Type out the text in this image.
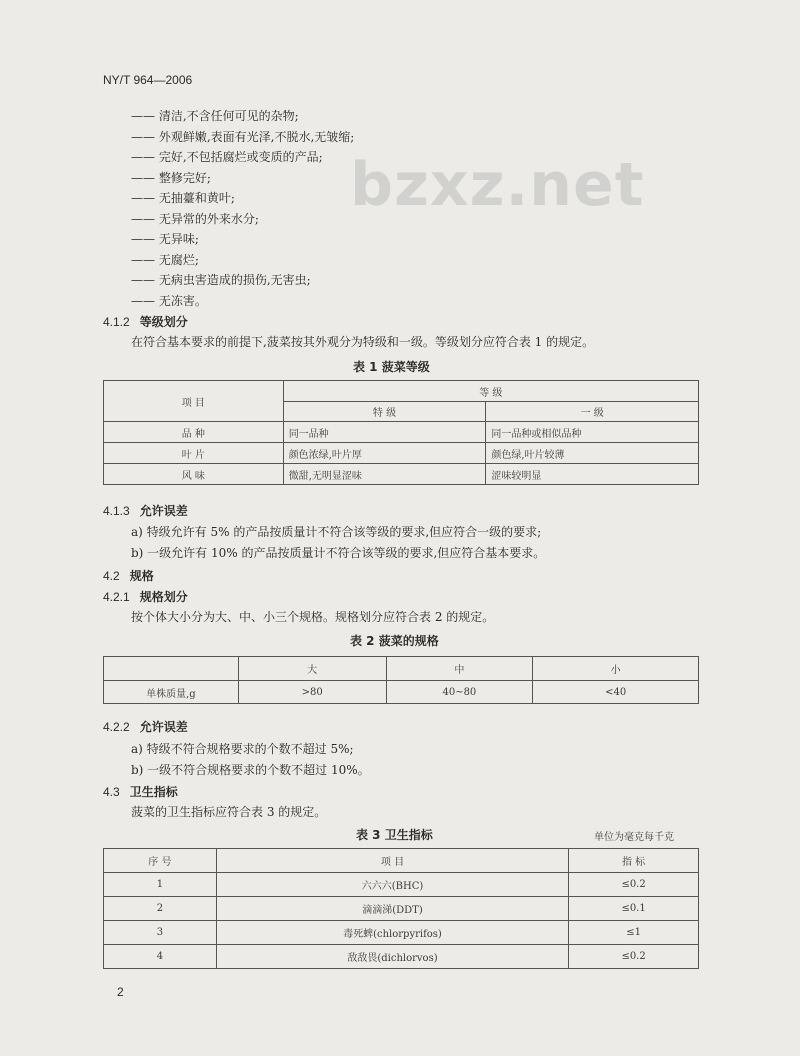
NY/T 964—2006
bzxz.net
—— 清洁,不含任何可见的杂物;
—— 外观鲜嫩,表面有光泽,不脱水,无皱缩;
—— 完好,不包括腐烂或变质的产品;
—— 整修完好;
—— 无抽薹和黄叶;
—— 无异常的外来水分;
—— 无异味;
—— 无腐烂;
—— 无病虫害造成的损伤,无害虫;
—— 无冻害。
4.1.2 等级划分
在符合基本要求的前提下,菠菜按其外观分为特级和一级。等级划分应符合表 1 的规定。
表 1 菠菜等级
项 目	等 级	
	特 级	一 级
品 种	同一品种	同一品种或相似品种
叶 片	颜色浓绿,叶片厚	颜色绿,叶片较薄
风 味	微甜,无明显涩味	涩味较明显
4.1.3 允许误差
a) 特级允许有 5% 的产品按质量计不符合该等级的要求,但应符合一级的要求;
b) 一级允许有 10% 的产品按质量计不符合该等级的要求,但应符合基本要求。
4.2 规格
4.2.1 规格划分
按个体大小分为大、中、小三个规格。规格划分应符合表 2 的规定。
表 2 菠菜的规格
	大	中	小
单株质量,g	>80	40~80	<40
4.2.2 允许误差
a) 特级不符合规格要求的个数不超过 5%;
b) 一级不符合规格要求的个数不超过 10%。
4.3 卫生指标
菠菜的卫生指标应符合表 3 的规定。
表 3 卫生指标	单位为毫克每千克
序 号	项 目	指 标
1	六六六(BHC)	≤0.2
2	滴滴涕(DDT)	≤0.1
3	毒死蜱(chlorpyrifos)	≤1
4	敌敌畏(dichlorvos)	≤0.2
2
